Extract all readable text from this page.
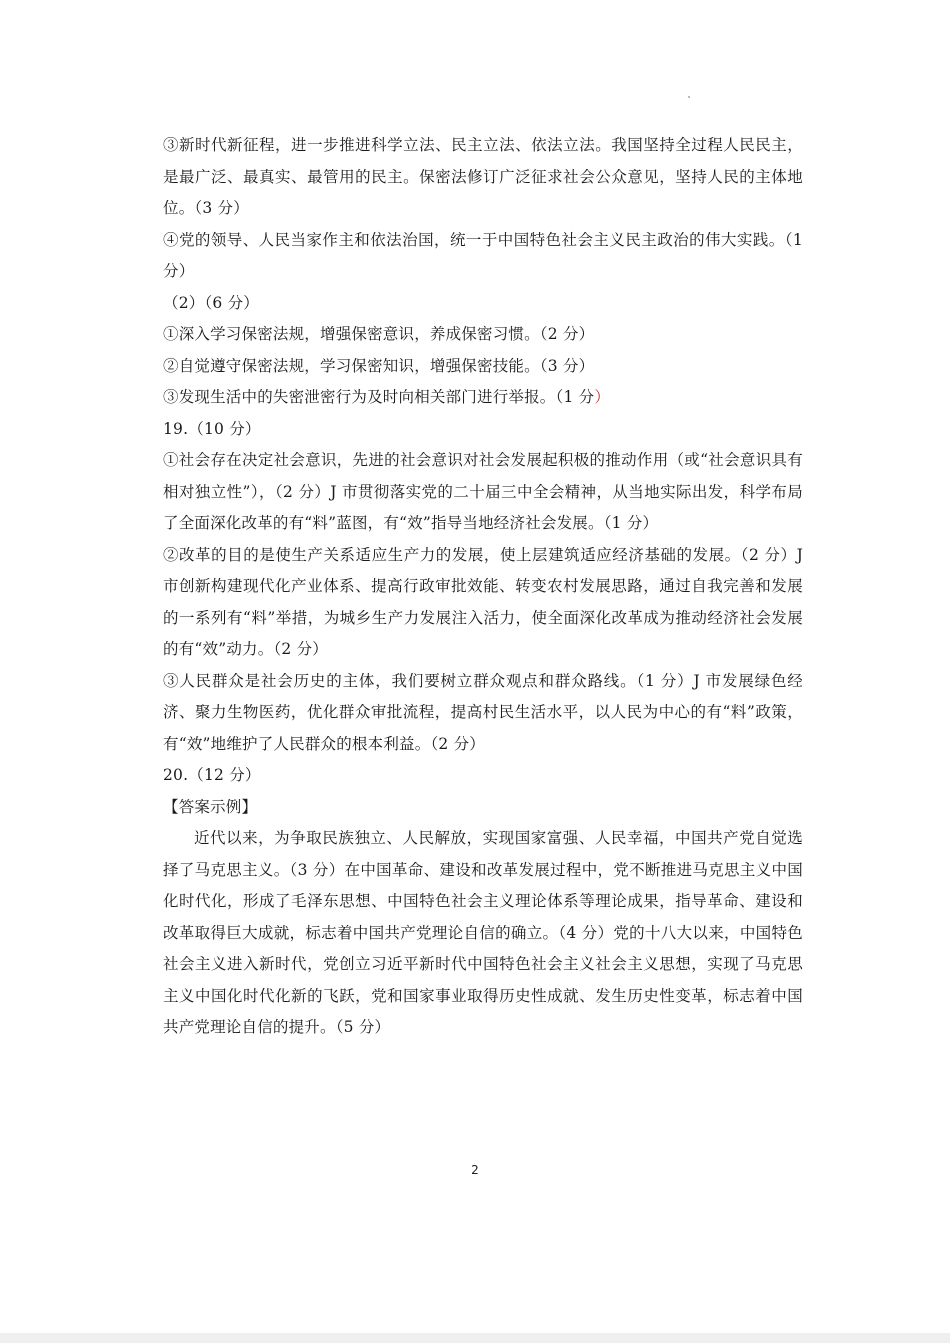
③新时代新征程，进一步推进科学立法、民主立法、依法立法。我国坚持全过程人民民主，是最广泛、最真实、最管用的民主。保密法修订广泛征求社会公众意见，坚持人民的主体地位。（3 分）

④党的领导、人民当家作主和依法治国，统一于中国特色社会主义民主政治的伟大实践。（1 分）

（2）（6 分）

①深入学习保密法规，增强保密意识，养成保密习惯。（2 分）

②自觉遵守保密法规，学习保密知识，增强保密技能。（3 分）

③发现生活中的失密泄密行为及时向相关部门进行举报。（1 分）

19.（10 分）

①社会存在决定社会意识，先进的社会意识对社会发展起积极的推动作用（或“社会意识具有相对独立性”），（2 分）J 市贯彻落实党的二十届三中全会精神，从当地实际出发，科学布局了全面深化改革的有“料”蓝图，有“效”指导当地经济社会发展。（1 分）

②改革的目的是使生产关系适应生产力的发展，使上层建筑适应经济基础的发展。（2 分）J 市创新构建现代化产业体系、提高行政审批效能、转变农村发展思路，通过自我完善和发展的一系列有“料”举措，为城乡生产力发展注入活力，使全面深化改革成为推动经济社会发展的有“效”动力。（2 分）

③人民群众是社会历史的主体，我们要树立群众观点和群众路线。（1 分）J 市发展绿色经济、聚力生物医药，优化群众审批流程，提高村民生活水平，以人民为中心的有“料”政策，有“效”地维护了人民群众的根本利益。（2 分）

20.（12 分）

【答案示例】

近代以来，为争取民族独立、人民解放，实现国家富强、人民幸福，中国共产党自觉选择了马克思主义。（3 分）在中国革命、建设和改革发展过程中，党不断推进马克思主义中国化时代化，形成了毛泽东思想、中国特色社会主义理论体系等理论成果，指导革命、建设和改革取得巨大成就，标志着中国共产党理论自信的确立。（4 分）党的十八大以来，中国特色社会主义进入新时代，党创立习近平新时代中国特色社会主义社会主义思想，实现了马克思主义中国化时代化新的飞跃，党和国家事业取得历史性成就、发生历史性变革，标志着中国共产党理论自信的提升。（5 分）

2
